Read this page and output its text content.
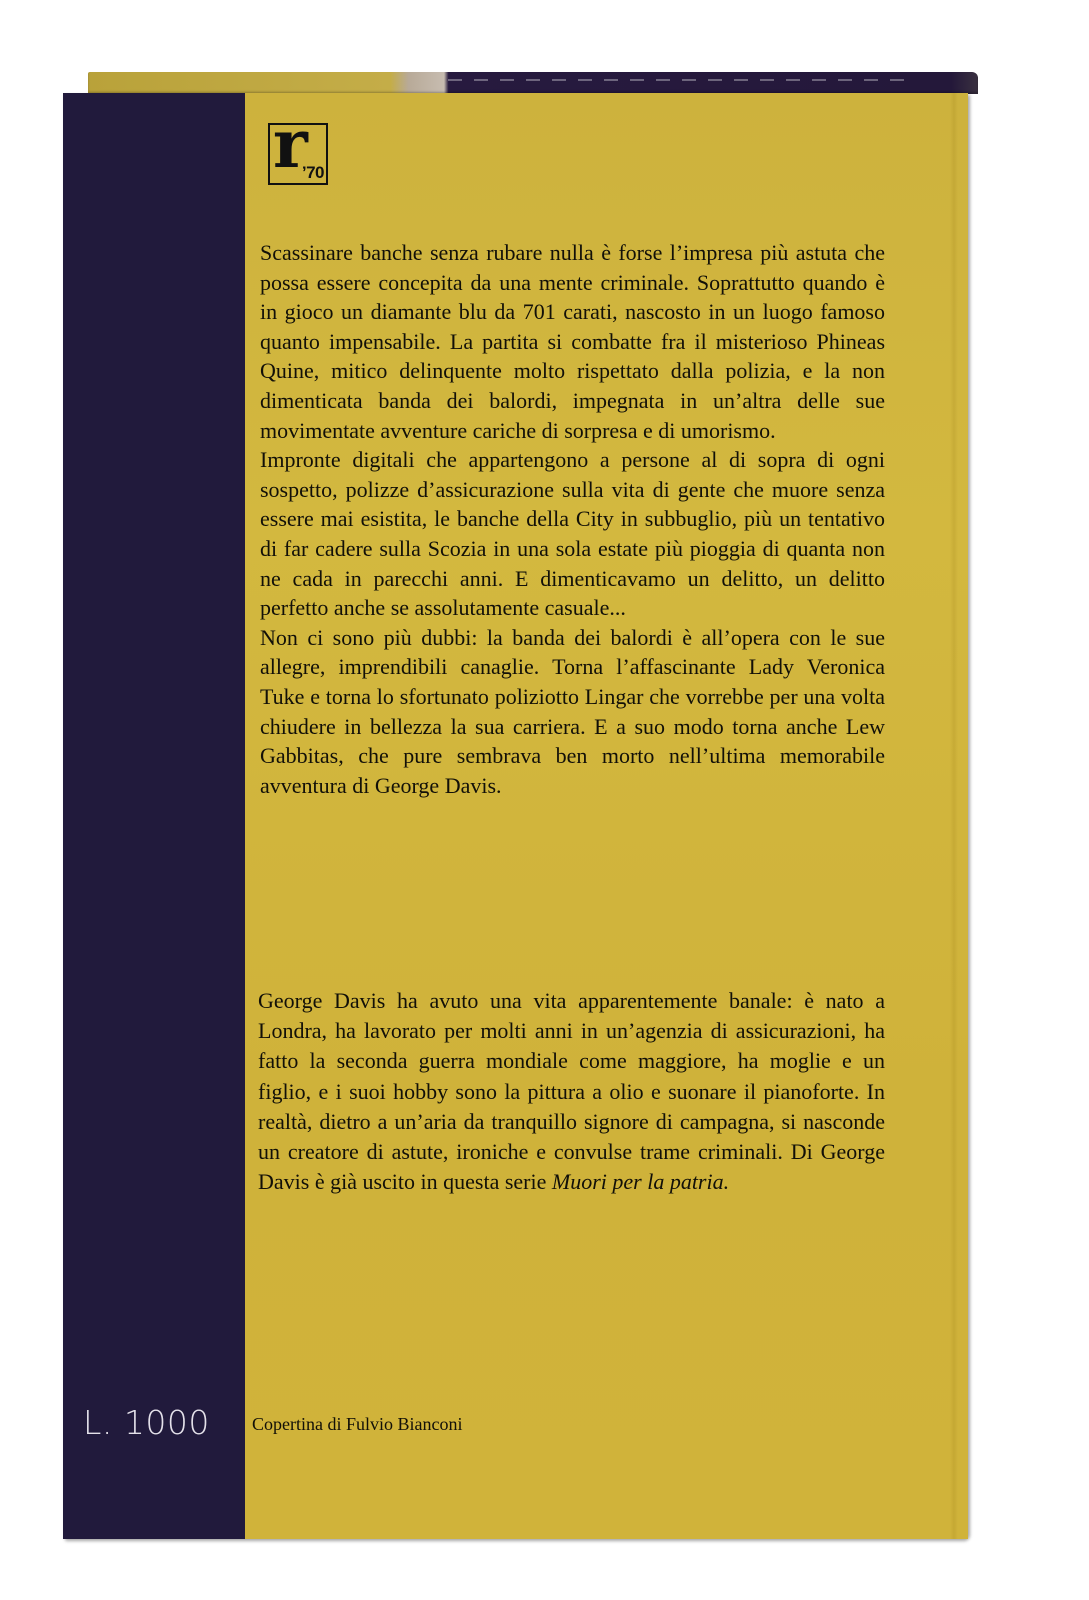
L. 1000
r
’70

Scassinare banche senza rubare nulla è forse l’impresa più astuta che possa essere concepita da una mente criminale. Soprattutto quando è in gioco un diamante blu da 701 carati, nascosto in un luogo famoso quanto impensabile. La partita si combatte fra il misterioso Phineas Quine, mitico delinquente molto rispettato dalla polizia, e la non dimenticata banda dei balordi, impegnata in un’altra delle sue movimentate avventure cariche di sorpresa e di umorismo.

Impronte digitali che appartengono a persone al di sopra di ogni sospetto, polizze d’assicurazione sulla vita di gente che muore senza essere mai esistita, le banche della City in subbuglio, più un tentativo di far cadere sulla Scozia in una sola estate più pioggia di quanta non ne cada in parecchi anni. E dimenticavamo un delitto, un delitto perfetto anche se assolutamente casuale...

Non ci sono più dubbi: la banda dei balordi è all’opera con le sue allegre, imprendibili canaglie. Torna l’affascinante Lady Veronica Tuke e torna lo sfortunato poliziotto Lingar che vorrebbe per una volta chiudere in bellezza la sua carriera. E a suo modo torna anche Lew Gabbitas, che pure sembrava ben morto nell’ultima memorabile avventura di George Davis.

George Davis ha avuto una vita apparentemente banale: è nato a Londra, ha lavorato per molti anni in un’agenzia di assicurazioni, ha fatto la seconda guerra mondiale come maggiore, ha moglie e un figlio, e i suoi hobby sono la pittura a olio e suonare il pianoforte. In realtà, dietro a un’aria da tranquillo signore di campagna, si nasconde un creatore di astute, ironiche e convulse trame criminali. Di George Davis è già uscito in questa serie Muori per la patria.

Copertina di Fulvio Bianconi
